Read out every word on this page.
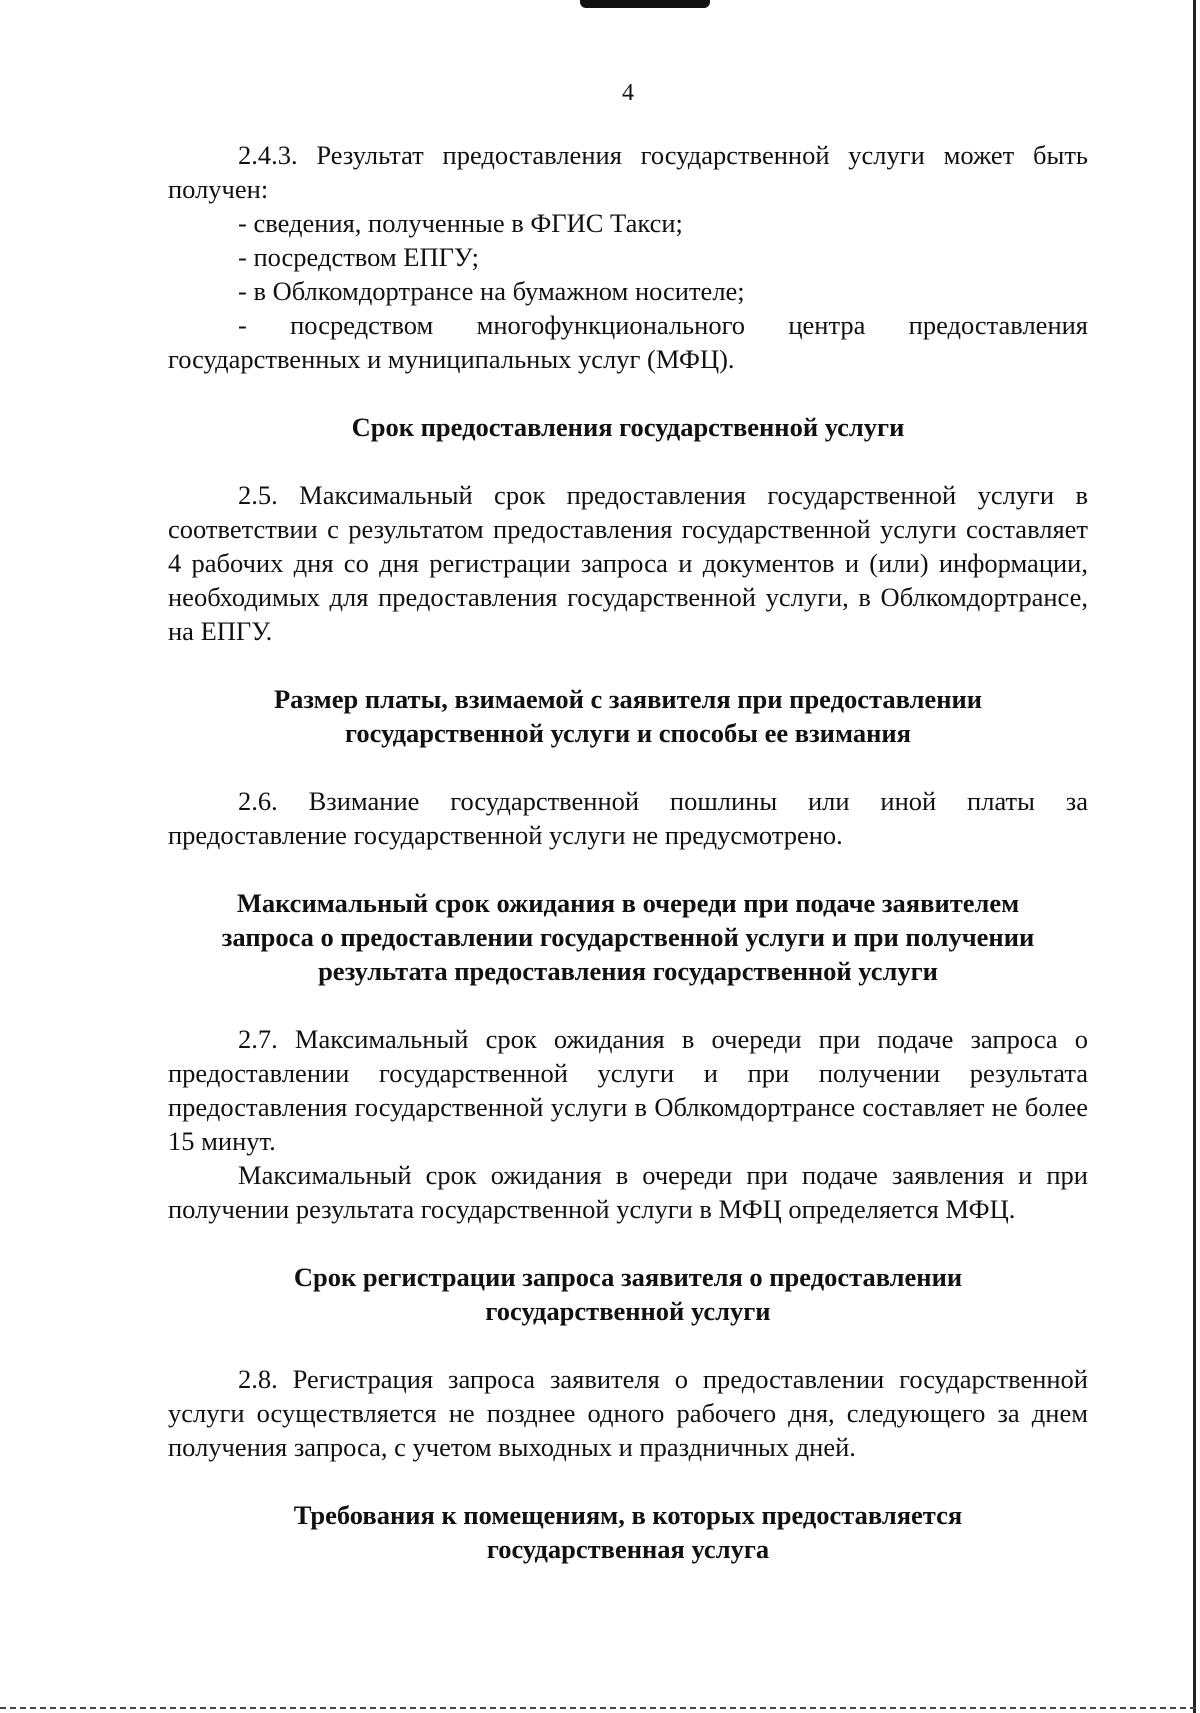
4

2.4.3. Результат предоставления государственной услуги может быть получен:

- сведения, полученные в ФГИС Такси;

- посредством ЕПГУ;

- в Облкомдортрансе на бумажном носителе;

- посредством многофункционального центра предоставления государственных и муниципальных услуг (МФЦ).

Срок предоставления государственной услуги

2.5. Максимальный срок предоставления государственной услуги в соответствии с результатом предоставления государственной услуги составляет 4 рабочих дня со дня регистрации запроса и документов и (или) информации, необходимых для предоставления государственной услуги, в Облкомдортрансе, на ЕПГУ.

Размер платы, взимаемой с заявителя при предоставлении

государственной услуги и способы ее взимания

2.6. Взимание государственной пошлины или иной платы за предоставление государственной услуги не предусмотрено.

Максимальный срок ожидания в очереди при подаче заявителем

запроса о предоставлении государственной услуги и при получении

результата предоставления государственной услуги

2.7. Максимальный срок ожидания в очереди при подаче запроса о предоставлении государственной услуги и при получении результата предоставления государственной услуги в Облкомдортрансе составляет не более 15 минут.

Максимальный срок ожидания в очереди при подаче заявления и при получении результата государственной услуги в МФЦ определяется МФЦ.

Срок регистрации запроса заявителя о предоставлении

государственной услуги

2.8. Регистрация запроса заявителя о предоставлении государственной услуги осуществляется не позднее одного рабочего дня, следующего за днем получения запроса, с учетом выходных и праздничных дней.

Требования к помещениям, в которых предоставляется

государственная услуга
